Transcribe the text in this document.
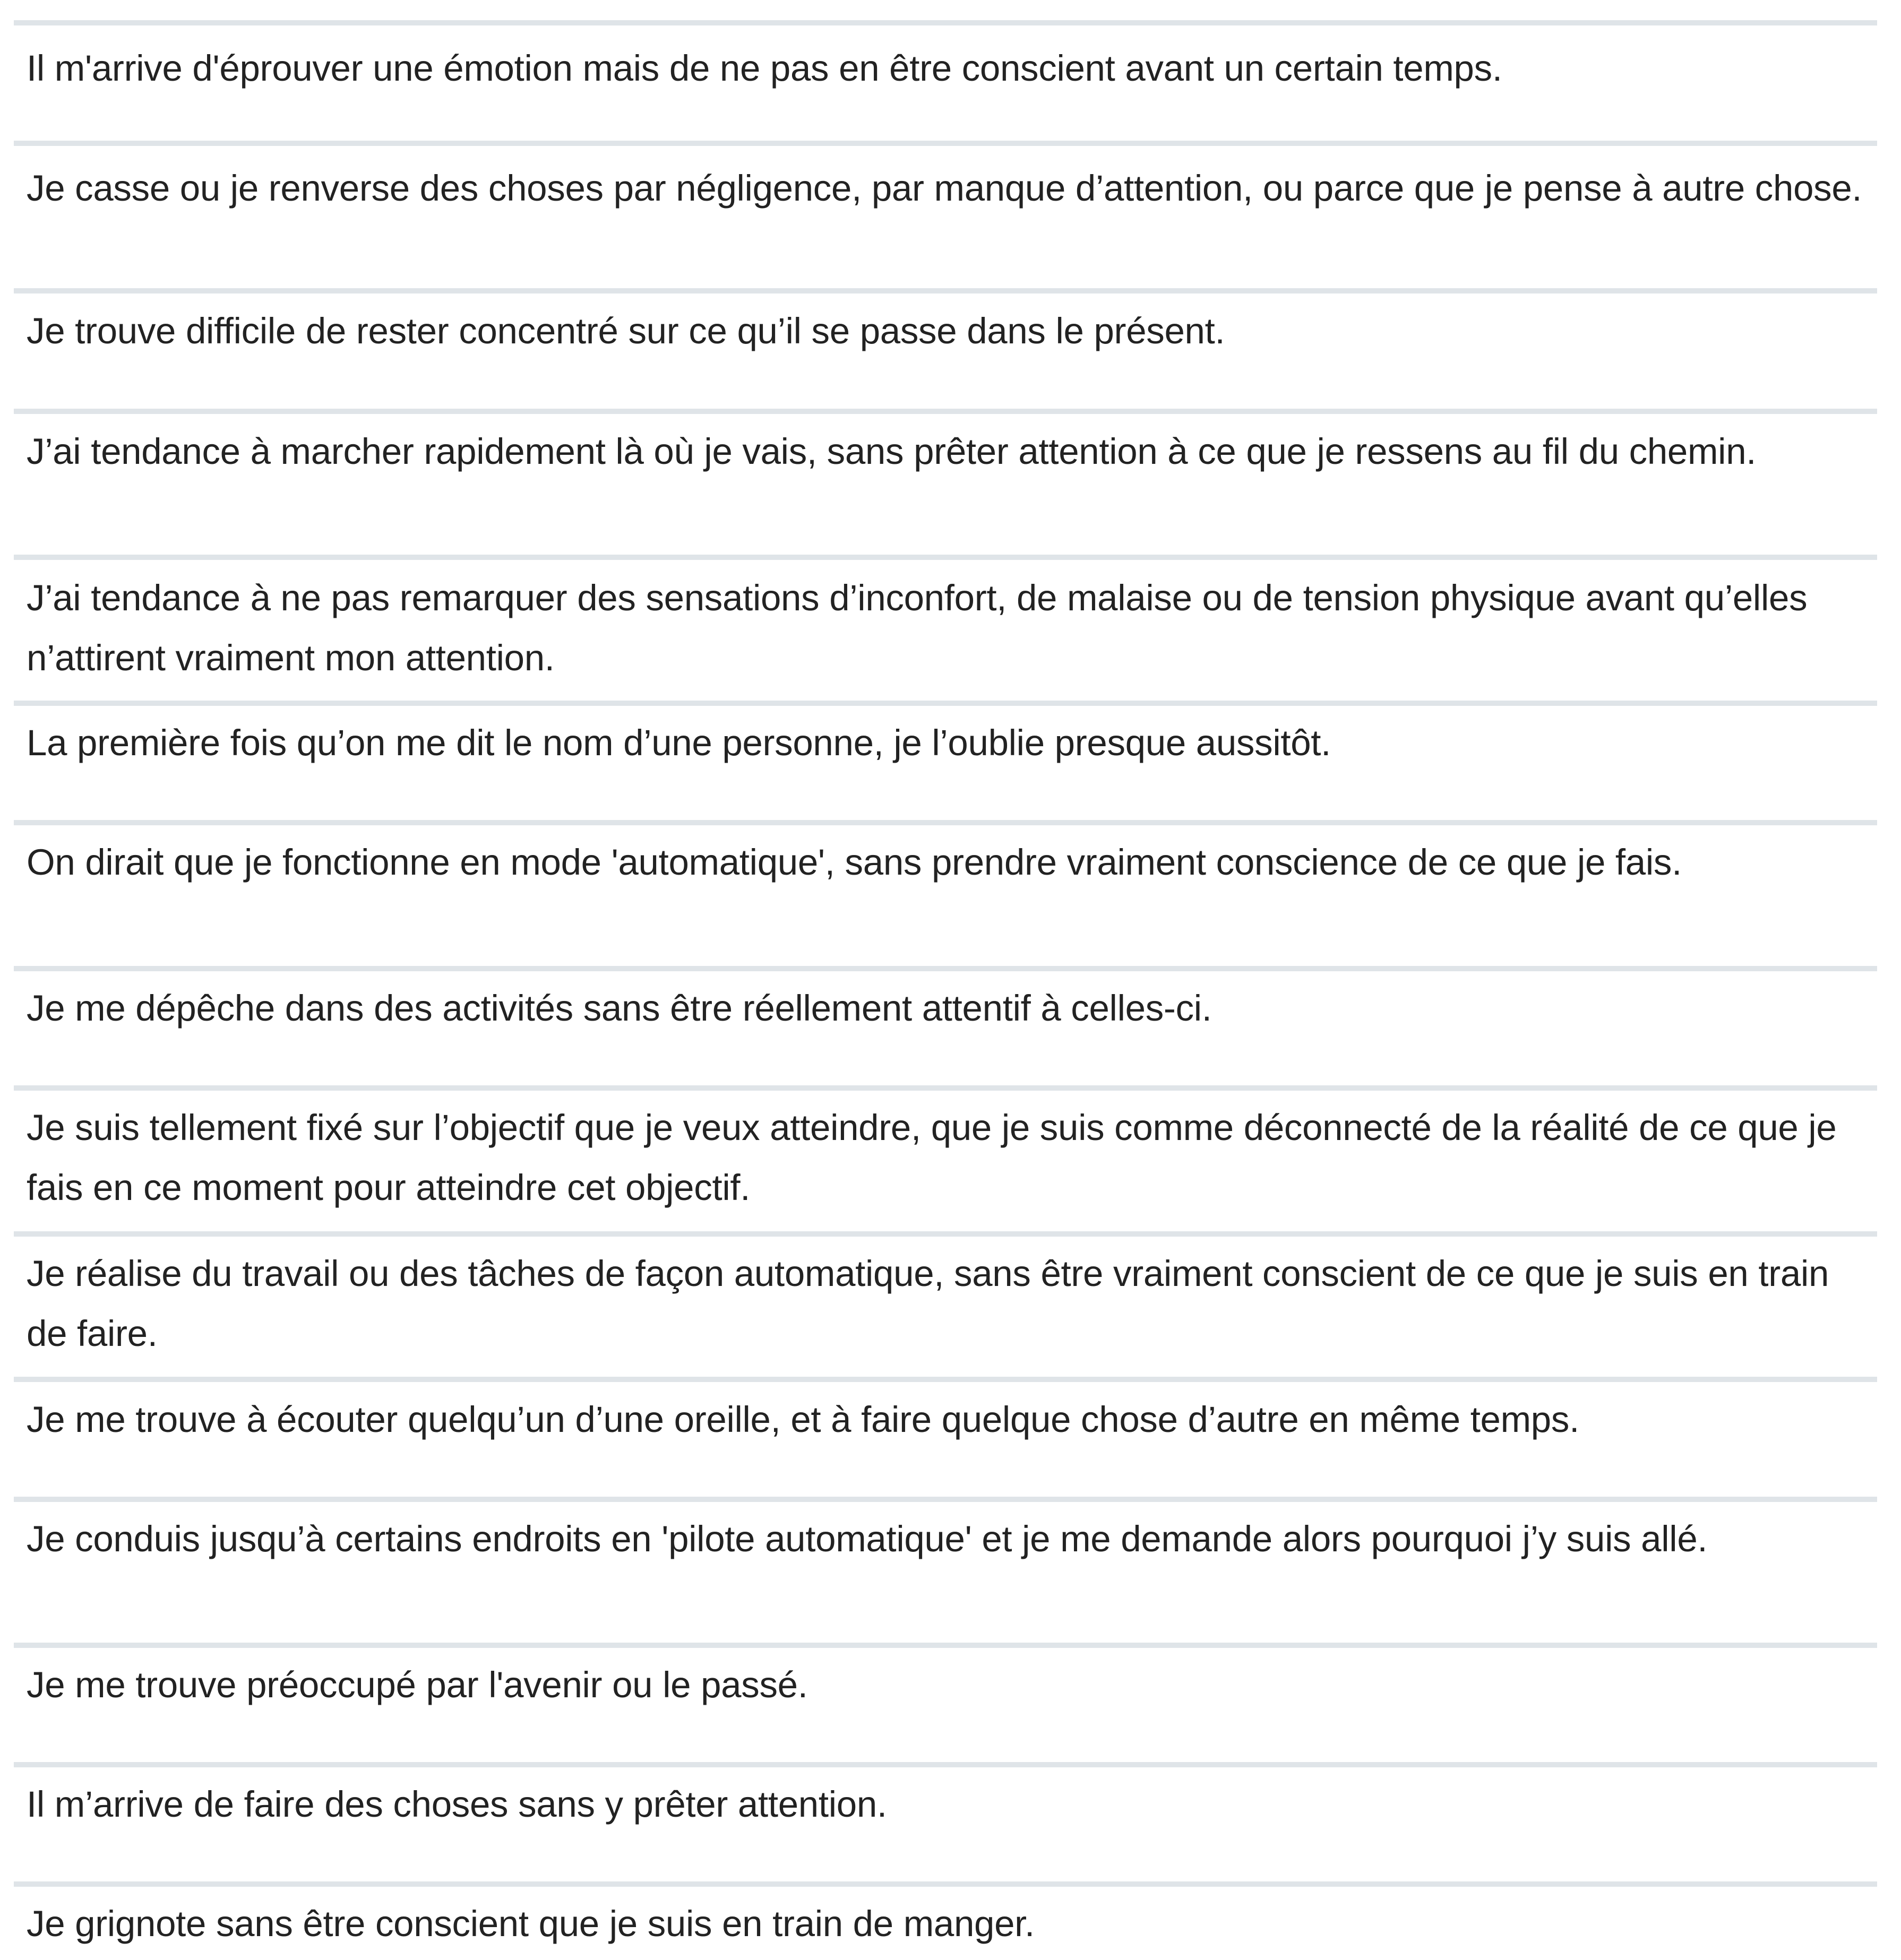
Il m'arrive d'éprouver une émotion mais de ne pas en être conscient avant un certain temps.

Je casse ou je renverse des choses par négligence, par manque d’attention, ou parce que je pense à autre chose.

Je trouve difficile de rester concentré sur ce qu’il se passe dans le présent.

J’ai tendance à marcher rapidement là où je vais, sans prêter attention à ce que je ressens au fil du chemin.

J’ai tendance à ne pas remarquer des sensations d’inconfort, de malaise ou de tension physique avant qu’elles n’attirent vraiment mon attention.

La première fois qu’on me dit le nom d’une personne, je l’oublie presque aussitôt.

On dirait que je fonctionne en mode 'automatique', sans prendre vraiment conscience de ce que je fais.

Je me dépêche dans des activités sans être réellement attentif à celles-ci.

Je suis tellement fixé sur l’objectif que je veux atteindre, que je suis comme déconnecté de la réalité de ce que je fais en ce moment pour atteindre cet objectif.

Je réalise du travail ou des tâches de façon automatique, sans être vraiment conscient de ce que je suis en train de faire.

Je me trouve à écouter quelqu’un d’une oreille, et à faire quelque chose d’autre en même temps.

Je conduis jusqu’à certains endroits en 'pilote automatique' et je me demande alors pourquoi j’y suis allé.

Je me trouve préoccupé par l'avenir ou le passé.

Il m’arrive de faire des choses sans y prêter attention.

Je grignote sans être conscient que je suis en train de manger.
